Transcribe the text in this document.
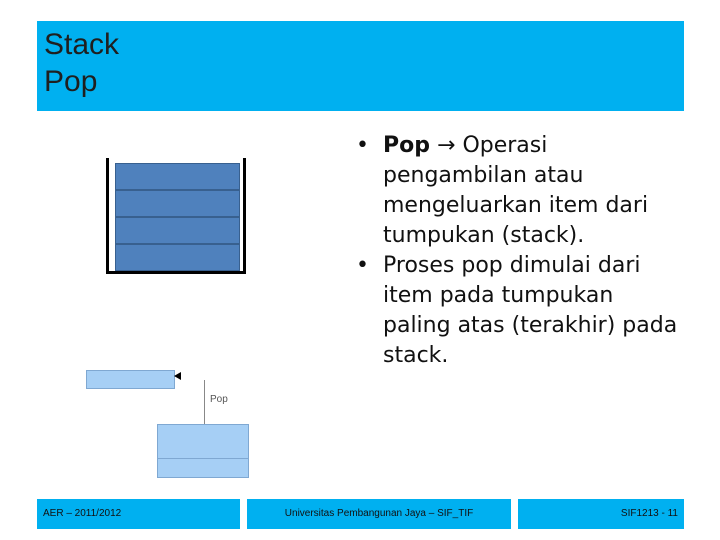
Stack
Pop
Pop

• Pop → Operasi pengambilan atau mengeluarkan item dari tumpukan (stack).

• Proses pop dimulai dari item pada tumpukan paling atas (terakhir) pada stack.

AER – 2011/2012	Universitas Pembangunan Jaya – SIF_TIF	SIF1213 - 11
